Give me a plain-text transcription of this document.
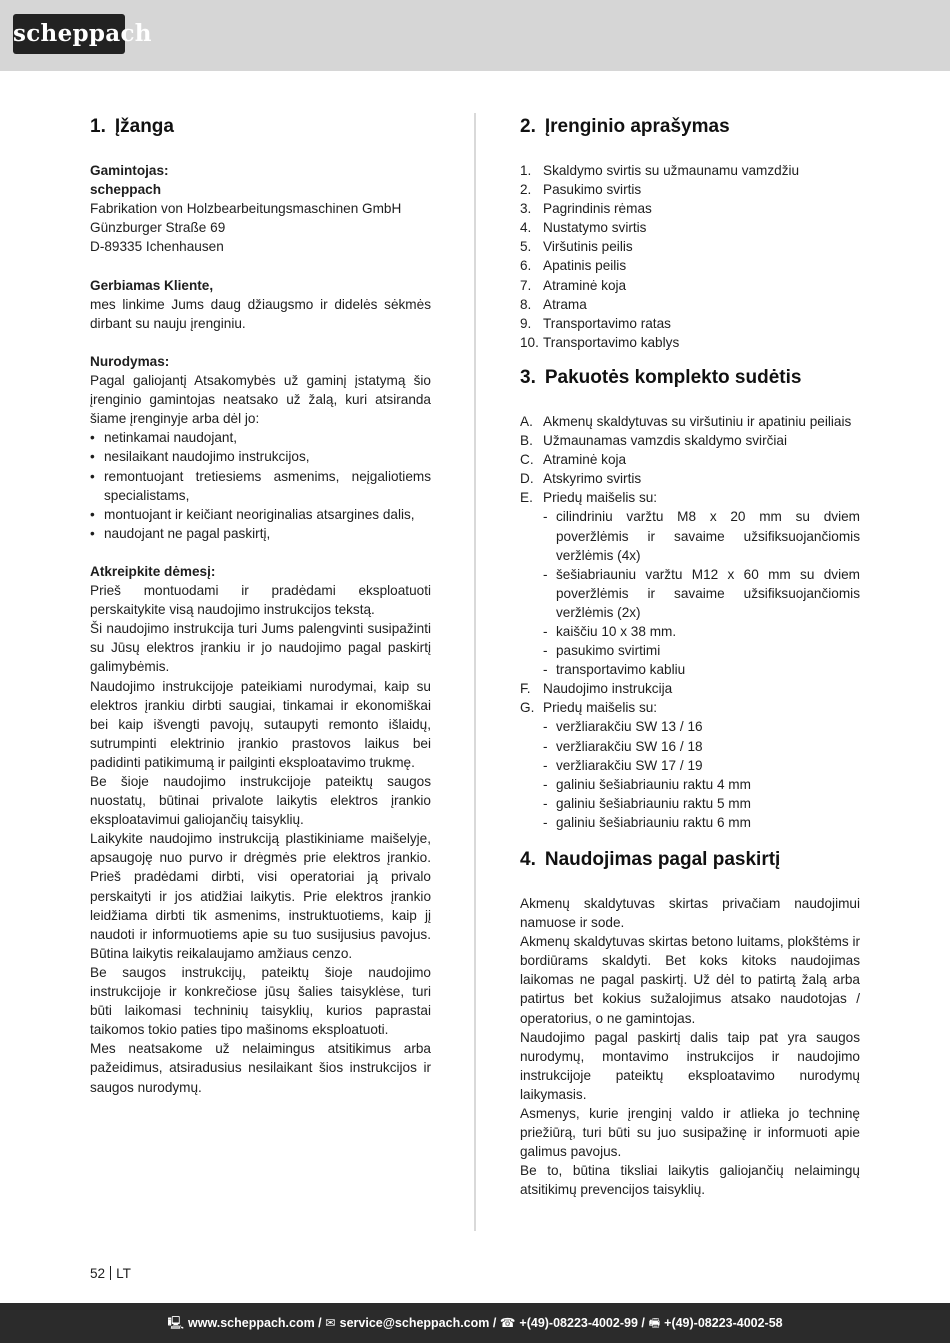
scheppach
1. Įžanga
Gamintojas:
scheppach
Fabrikation von Holzbearbeitungsmaschinen GmbH
Günzburger Straße 69
D-89335 Ichenhausen
Gerbiamas Kliente,
mes linkime Jums daug džiaugsmo ir didelės sėkmės dirbant su nauju įrenginiu.
Nurodymas:
Pagal galiojantį Atsakomybės už gaminį įstatymą šio įrenginio gamintojas neatsako už žalą, kuri atsiranda šiame įrenginyje arba dėl jo:
• netinkamai naudojant,
• nesilaikant naudojimo instrukcijos,
• remontuojant tretiesiems asmenims, neįgaliotiems specialistams,
• montuojant ir keičiant neoriginalias atsargines dalis,
• naudojant ne pagal paskirtį,
Atkreipkite dėmesį:
Prieš montuodami ir pradėdami eksploatuoti perskaitykite visą naudojimo instrukcijos tekstą.
Ši naudojimo instrukcija turi Jums palengvinti susipažinti su Jūsų elektros įrankiu ir jo naudojimo pagal paskirtį galimybėmis.
Naudojimo instrukcijoje pateikiami nurodymai, kaip su elektros įrankiu dirbti saugiai, tinkamai ir ekonomiškai bei kaip išvengti pavojų, sutaupyti remonto išlaidų, sutrumpinti elektrinio įrankio prastovos laikus bei padidinti patikimumą ir pailginti eksploatavimo trukmę.
Be šioje naudojimo instrukcijoje pateiktų saugos nuostatų, būtinai privalote laikytis elektros įrankio eksploatavimui galiojančių taisyklių.
Laikykite naudojimo instrukciją plastikiniame maišelyje, apsaugoję nuo purvo ir drėgmės prie elektros įrankio. Prieš pradėdami dirbti, visi operatoriai ją privalo perskaityti ir jos atidžiai laikytis. Prie elektros įrankio leidžiama dirbti tik asmenims, instruktuotiems, kaip jį naudoti ir informuotiems apie su tuo susijusius pavojus. Būtina laikytis reikalaujamo amžiaus cenzo.
Be saugos instrukcijų, pateiktų šioje naudojimo instrukcijoje ir konkrečiose jūsų šalies taisyklėse, turi būti laikomasi techninių taisyklių, kurios paprastai taikomos tokio paties tipo mašinoms eksploatuoti.
Mes neatsakome už nelaimingus atsitikimus arba pažeidimus, atsiradusius nesilaikant šios instrukcijos ir saugos nurodymų.
2. Įrenginio aprašymas
1. Skaldymo svirtis su užmaunamu vamzdžiu
2. Pasukimo svirtis
3. Pagrindinis rėmas
4. Nustatymo svirtis
5. Viršutinis peilis
6. Apatinis peilis
7. Atraminė koja
8. Atrama
9. Transportavimo ratas
10. Transportavimo kablys
3. Pakuotės komplekto sudėtis
A. Akmenų skaldytuvas su viršutiniu ir apatiniu peiliais
B. Užmaunamas vamzdis skaldymo svirčiai
C. Atraminė koja
D. Atskyrimo svirtis
E. Priedų maišelis su:
- cilindriniu varžtu M8 x 20 mm su dviem poveržlėmis ir savaime užsifiksuojančiomis veržlėmis (4x)
- šešiabriauniu varžtu M12 x 60 mm su dviem poveržlėmis ir savaime užsifiksuojančiomis veržlėmis (2x)
- kaiščiu 10 x 38 mm.
- pasukimo svirtimi
- transportavimo kabliu
F. Naudojimo instrukcija
G. Priedų maišelis su:
- veržliarakčiu SW 13 / 16
- veržliarakčiu SW 16 / 18
- veržliarakčiu SW 17 / 19
- galiniu šešiabriauniu raktu 4 mm
- galiniu šešiabriauniu raktu 5 mm
- galiniu šešiabriauniu raktu 6 mm
4. Naudojimas pagal paskirtį
Akmenų skaldytuvas skirtas privačiam naudojimui namuose ir sode.
Akmenų skaldytuvas skirtas betono luitams, plokštėms ir bordiūrams skaldyti. Bet koks kitoks naudojimas laikomas ne pagal paskirtį. Už dėl to patirtą žalą arba patirtus bet kokius sužalojimus atsako naudotojas / operatorius, o ne gamintojas.
Naudojimo pagal paskirtį dalis taip pat yra saugos nurodymų, montavimo instrukcijos ir naudojimo instrukcijoje pateiktų eksploatavimo nurodymų laikymasis.
Asmenys, kurie įrenginį valdo ir atlieka jo techninę priežiūrą, turi būti su juo susipažinę ir informuoti apie galimus pavojus.
Be to, būtina tiksliai laikytis galiojančių nelaimingų atsitikimų prevencijos taisyklių.
52 LT
🖳 www.scheppach.com / ✉ service@scheppach.com / ☎ +(49)-08223-4002-99 / 🖷 +(49)-08223-4002-58
